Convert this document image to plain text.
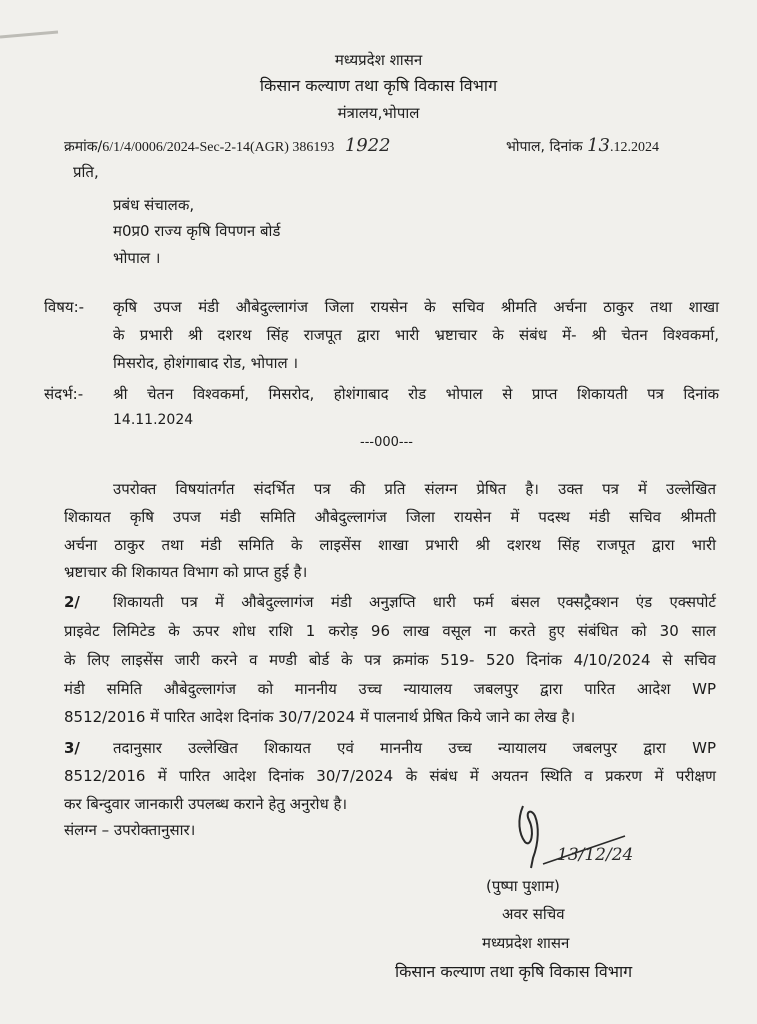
मध्यप्रदेश शासन
किसान कल्याण तथा कृषि विकास विभाग
मंत्रालय,भोपाल
क्रमांक/6/1/4/0006/2024-Sec-2-14(AGR) 386193 1922	भोपाल, दिनांक 13.12.2024
प्रति,
प्रबंध संचालक,
म0प्र0 राज्य कृषि विपणन बोर्ड
भोपाल ।
विषय:- कृषि उपज मंडी औबेदुल्लागंज जिला रायसेन के सचिव श्रीमति अर्चना ठाकुर तथा शाखा
के प्रभारी श्री दशरथ सिंह राजपूत द्वारा भारी भ्रष्टाचार के संबंध में- श्री चेतन विश्वकर्मा,
मिसरोद, होशंगाबाद रोड, भोपाल ।
संदर्भ:- श्री चेतन विश्वकर्मा, मिसरोद, होशंगाबाद रोड भोपाल से प्राप्त शिकायती पत्र दिनांक
14.11.2024
---000---
उपरोक्त विषयांतर्गत संदर्भित पत्र की प्रति संलग्न प्रेषित है। उक्त पत्र में उल्लेखित
शिकायत कृषि उपज मंडी समिति औबेदुल्लागंज जिला रायसेन में पदस्थ मंडी सचिव श्रीमती
अर्चना ठाकुर तथा मंडी समिति के लाइसेंस शाखा प्रभारी श्री दशरथ सिंह राजपूत द्वारा भारी
भ्रष्टाचार की शिकायत विभाग को प्राप्त हुई है।
2/ शिकायती पत्र में औबेदुल्लागंज मंडी अनुज्ञप्ति धारी फर्म बंसल एक्सट्रैक्शन एंड एक्सपोर्ट
प्राइवेट लिमिटेड के ऊपर शोध राशि 1 करोड़ 96 लाख वसूल ना करते हुए संबंधित को 30 साल
के लिए लाइसेंस जारी करने व मण्डी बोर्ड के पत्र क्रमांक 519- 520 दिनांक 4/10/2024 से सचिव
मंडी समिति औबेदुल्लागंज को माननीय उच्च न्यायालय जबलपुर द्वारा पारित आदेश WP
8512/2016 में पारित आदेश दिनांक 30/7/2024 में पालनार्थ प्रेषित किये जाने का लेख है।
3/ तदानुसार उल्लेखित शिकायत एवं माननीय उच्च न्यायालय जबलपुर द्वारा WP
8512/2016 में पारित आदेश दिनांक 30/7/2024 के संबंध में अयतन स्थिति व प्रकरण में परीक्षण
कर बिन्दुवार जानकारी उपलब्ध कराने हेतु अनुरोध है।
संलग्न – उपरोक्तानुसार।
13/12/24
(पुष्पा पुशाम)
अवर सचिव
मध्यप्रदेश शासन
किसान कल्याण तथा कृषि विकास विभाग
